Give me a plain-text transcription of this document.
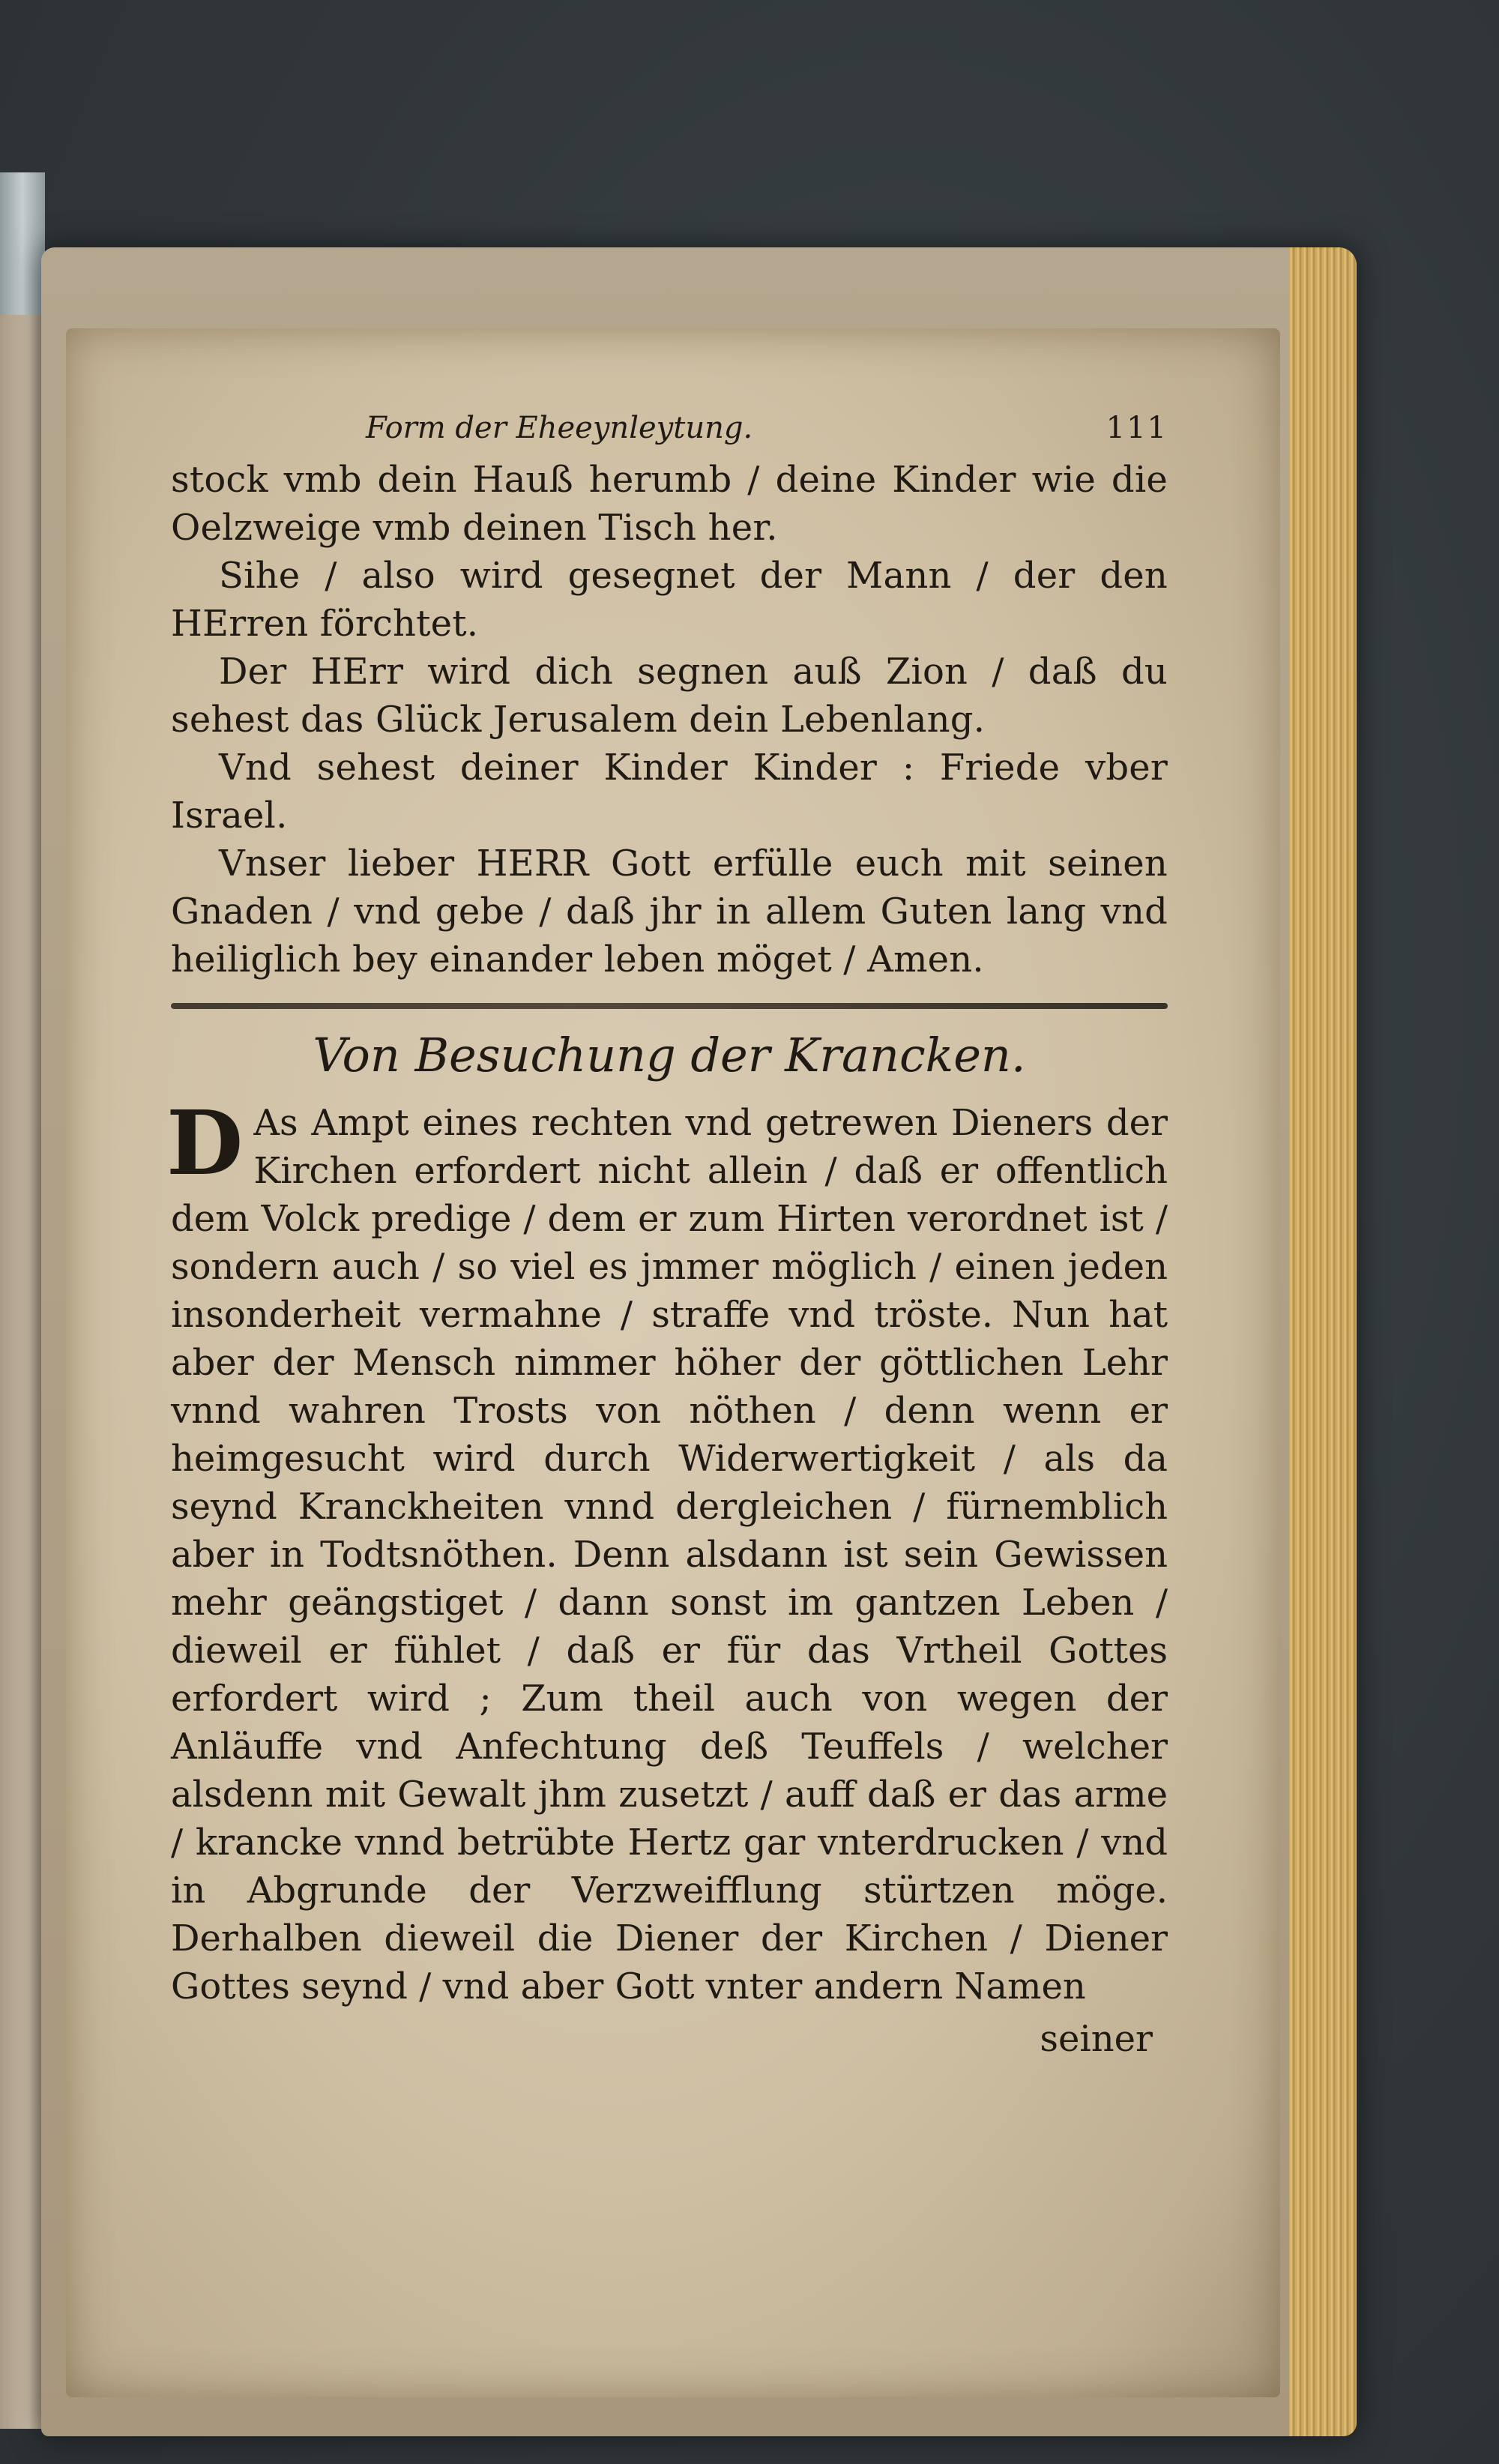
Form der Eheeynleytung.	111

stock vmb dein Hauß herumb / deine Kinder wie die Oelzweige vmb deinen Tisch her.

Sihe / also wird gesegnet der Mann / der den HErren förchtet.

Der HErr wird dich segnen auß Zion / daß du sehest das Glück Jerusalem dein Lebenlang.

Vnd sehest deiner Kinder Kinder : Friede vber Israel.

Vnser lieber HERR Gott erfülle euch mit seinen Gnaden / vnd gebe / daß jhr in allem Guten lang vnd heiliglich bey einander leben möget / Amen.

Von Besuchung der Krancken.

D As Ampt eines rechten vnd getrewen Dieners der Kirchen erfordert nicht allein / daß er offentlich dem Volck predige / dem er zum Hirten verordnet ist / sondern auch / so viel es jmmer möglich / einen jeden insonderheit vermahne / straffe vnd tröste. Nun hat aber der Mensch nimmer höher der göttlichen Lehr vnnd wahren Trosts von nöthen / denn wenn er heimgesucht wird durch Widerwertigkeit / als da seynd Kranckheiten vnnd dergleichen / fürnemblich aber in Todtsnöthen. Denn alsdann ist sein Gewissen mehr geängstiget / dann sonst im gantzen Leben / dieweil er fühlet / daß er für das Vrtheil Gottes erfordert wird ; Zum theil auch von wegen der Anläuffe vnd Anfechtung deß Teuffels / welcher alsdenn mit Gewalt jhm zusetzt / auff daß er das arme / krancke vnnd betrübte Hertz gar vnterdrucken / vnd in Abgrunde der Verzweifflung stürtzen möge. Derhalben dieweil die Diener der Kirchen / Diener Gottes seynd / vnd aber Gott vnter andern Namen

seiner
